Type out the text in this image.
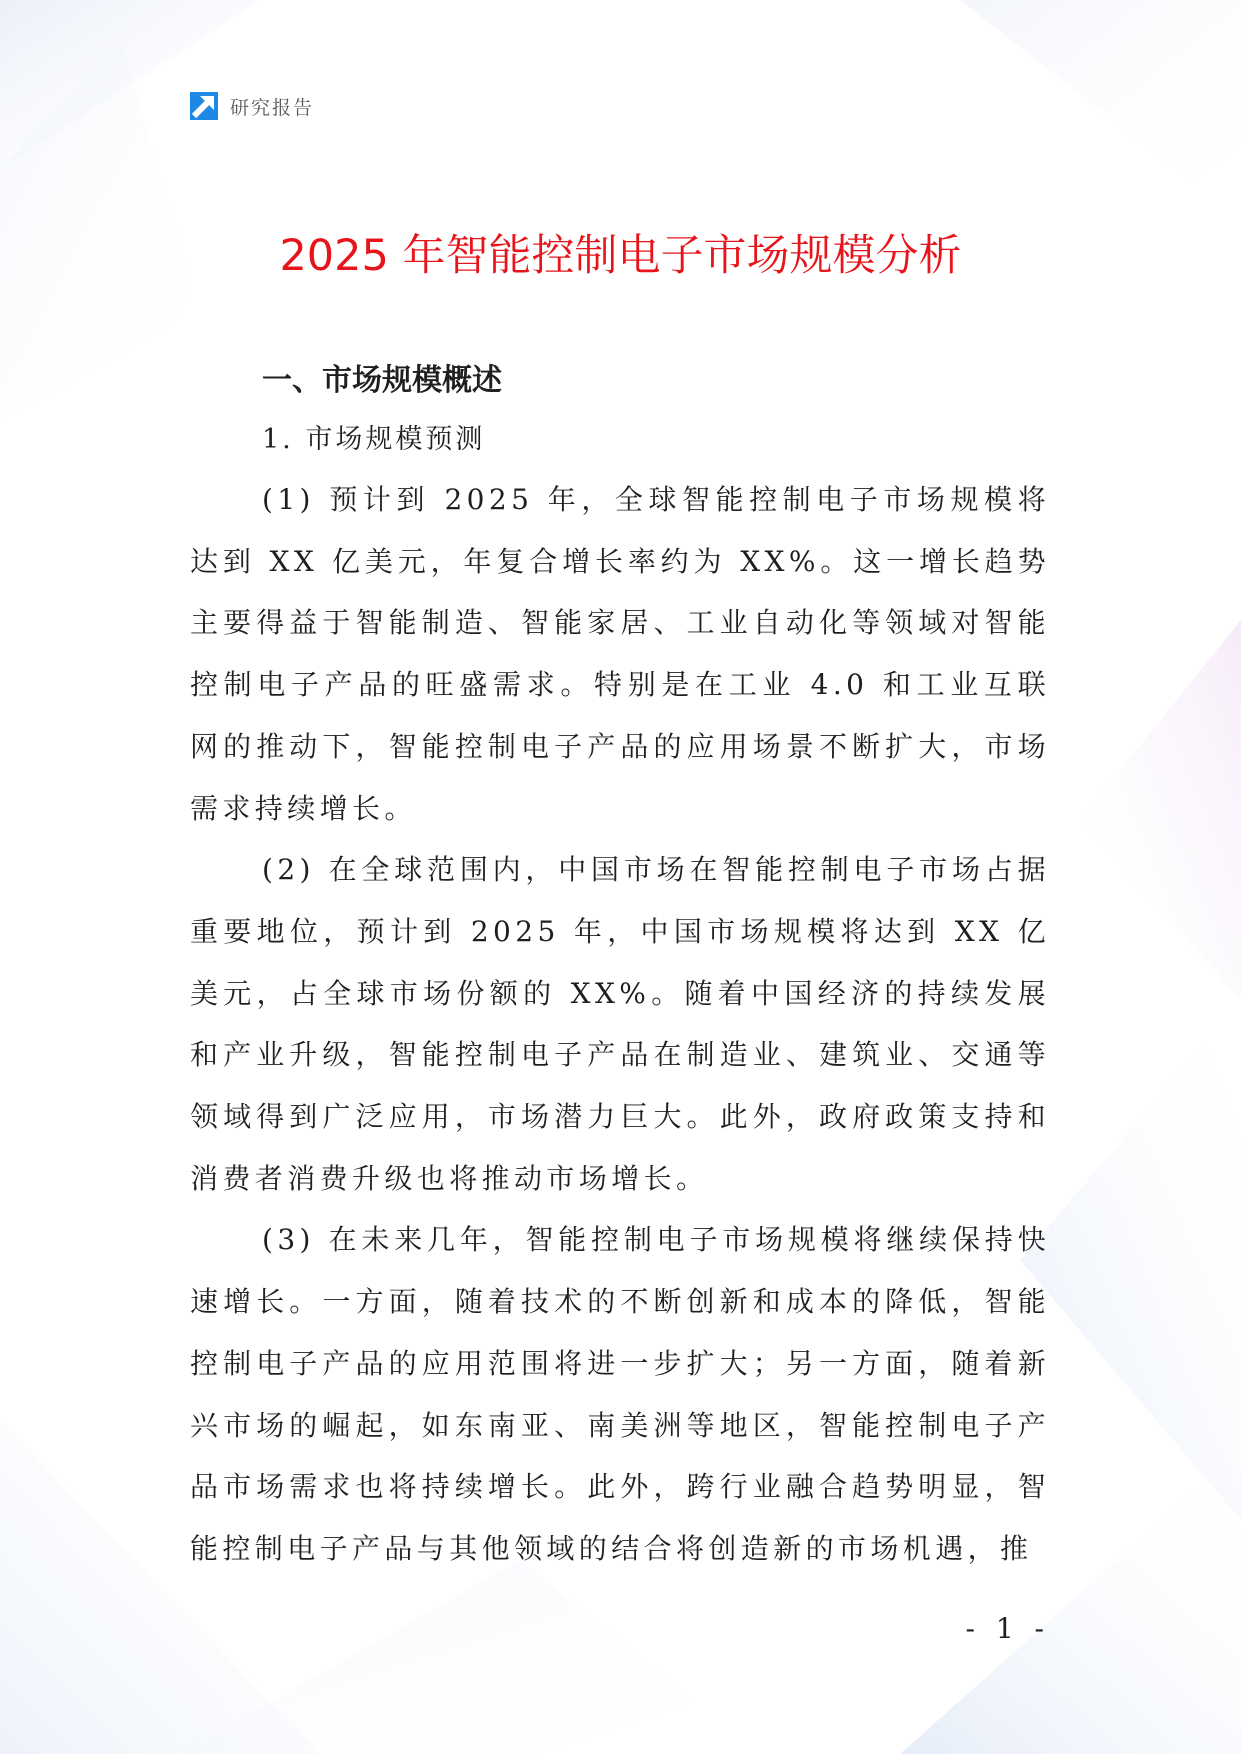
研究报告
2025 年智能控制电子市场规模分析
一、市场规模概述
1. 市场规模预测

(1) 预计到 2025 年，全球智能控制电子市场规模将达到 XX 亿美元，年复合增长率约为 XX%。这一增长趋势主要得益于智能制造、智能家居、工业自动化等领域对智能控制电子产品的旺盛需求。特别是在工业 4.0 和工业互联网的推动下，智能控制电子产品的应用场景不断扩大，市场需求持续增长。

(2) 在全球范围内，中国市场在智能控制电子市场占据重要地位，预计到 2025 年，中国市场规模将达到 XX 亿美元，占全球市场份额的 XX%。随着中国经济的持续发展和产业升级，智能控制电子产品在制造业、建筑业、交通等领域得到广泛应用，市场潜力巨大。此外，政府政策支持和消费者消费升级也将推动市场增长。

(3) 在未来几年，智能控制电子市场规模将继续保持快速增长。一方面，随着技术的不断创新和成本的降低，智能控制电子产品的应用范围将进一步扩大；另一方面，随着新兴市场的崛起，如东南亚、南美洲等地区，智能控制电子产品市场需求也将持续增长。此外，跨行业融合趋势明显，智能控制电子产品与其他领域的结合将创造新的市场机遇，推

- 1 -
